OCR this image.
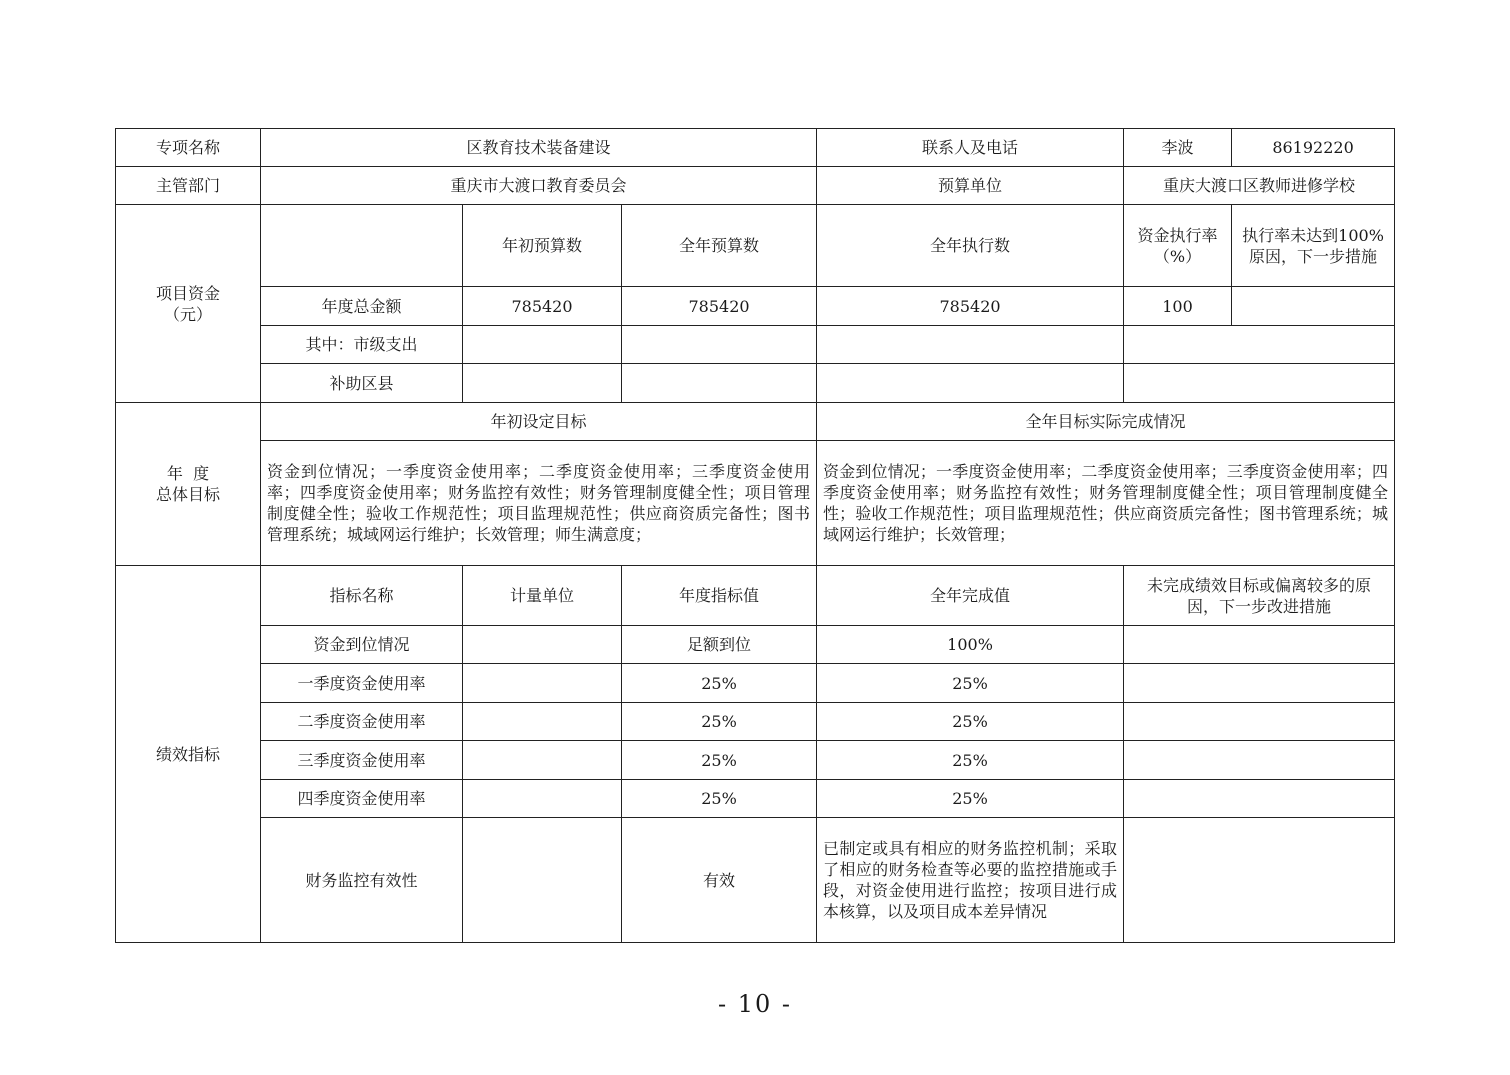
专项名称	区教育技术装备建设			联系人及电话	李波	86192220
主管部门	重庆市大渡口教育委员会			预算单位	重庆大渡口区教师进修学校	
项目资金
（元）		年初预算数	全年预算数	全年执行数	资金执行率（%）	执行率未达到100% 原因，下一步措施
	年度总金额	785420	785420	785420	100	
	其中：市级支出					
	补助区县					

年  度
总体目标	年初设定目标			全年目标实际完成情况		
	资金到位情况；一季度资金使用率；二季度资金使用率；三季度资金使用率；四季度资金使用率；财务监控有效性；财务管理制度健全性；项目管理制度健全性；验收工作规范性；项目监理规范性；供应商资质完备性；图书管理系统；城域网运行维护；长效管理；师生满意度；			资金到位情况；一季度资金使用率；二季度资金使用率；三季度资金使用率；四季度资金使用率；财务监控有效性；财务管理制度健全性；项目管理制度健全性；验收工作规范性；项目监理规范性；供应商资质完备性；图书管理系统；城域网运行维护；长效管理；		
绩效指标	指标名称	计量单位	年度指标值	全年完成值	未完成绩效目标或偏离较多的原因，下一步改进措施	
	资金到位情况		足额到位	100%		
	一季度资金使用率		25%	25%		
	二季度资金使用率		25%	25%		
	三季度资金使用率		25%	25%		
	四季度资金使用率		25%	25%		
	财务监控有效性		有效	已制定或具有相应的财务监控机制；采取了相应的财务检查等必要的监控措施或手段，对资金使用进行监控；按项目进行成本核算，以及项目成本差异情况		
- 10 -
